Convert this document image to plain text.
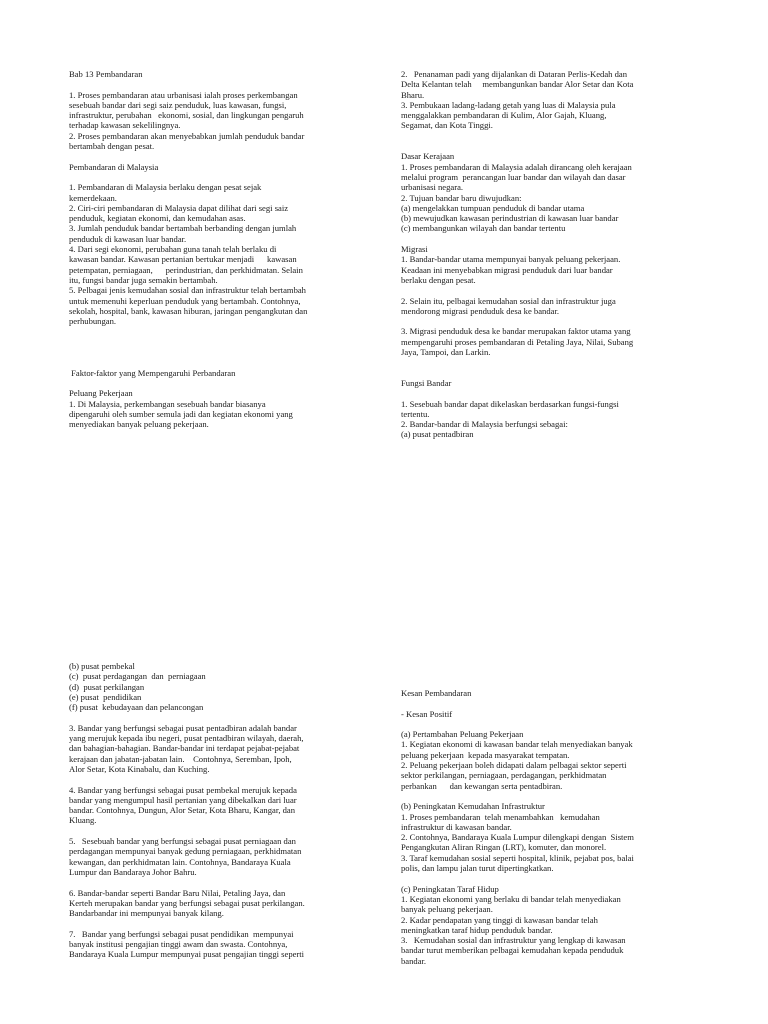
Bab 13 Pembandaran

1. Proses pembandaran atau urbanisasi ialah proses perkembangan

sesebuah bandar dari segi saiz penduduk, luas kawasan, fungsi,

infrastruktur, perubahan   ekonomi, sosial, dan lingkungan pengaruh

terhadap kawasan sekelilingnya.

2. Proses pembandaran akan menyebabkan jumlah penduduk bandar

bertambah dengan pesat.

Pembandaran di Malaysia

1. Pembandaran di Malaysia berlaku dengan pesat sejak

kemerdekaan.

2. Ciri-ciri pembandaran di Malaysia dapat dilihat dari segi saiz

penduduk, kegiatan ekonomi, dan kemudahan asas.

3. Jumlah penduduk bandar bertambah berbanding dengan jumlah

penduduk di kawasan luar bandar.

4. Dari segi ekonomi, perubahan guna tanah telah berlaku di

kawasan bandar. Kawasan pertanian bertukar menjadi      kawasan

petempatan, perniagaan,      perindustrian, dan perkhidmatan. Selain

itu, fungsi bandar juga semakin bertambah.

5. Pelbagai jenis kemudahan sosial dan infrastruktur telah bertambah

untuk memenuhi keperluan penduduk yang bertambah. Contohnya,

sekolah, hospital, bank, kawasan hiburan, jaringan pengangkutan dan

perhubungan.

Faktor-faktor yang Mempengaruhi Perbandaran

Peluang Pekerjaan

1. Di Malaysia, perkembangan sesebuah bandar biasanya

dipengaruhi oleh sumber semula jadi dan kegiatan ekonomi yang

menyediakan banyak peluang pekerjaan.

2.   Penanaman padi yang dijalankan di Dataran Perlis-Kedah dan

Delta Kelantan telah     membangunkan bandar Alor Setar dan Kota

Bharu.

3. Pembukaan ladang-ladang getah yang luas di Malaysia pula

menggalakkan pembandaran di Kulim, Alor Gajah, Kluang,

Segamat, dan Kota Tinggi.

Dasar Kerajaan

1. Proses pembandaran di Malaysia adalah dirancang oleh kerajaan

melalui program  perancangan luar bandar dan wilayah dan dasar

urbanisasi negara.

2. Tujuan bandar baru diwujudkan:

(a) mengelakkan tumpuan penduduk di bandar utama

(b) mewujudkan kawasan perindustrian di kawasan luar bandar

(c) membangunkan wilayah dan bandar tertentu

Migrasi

1. Bandar-bandar utama mempunyai banyak peluang pekerjaan.

Keadaan ini menyebabkan migrasi penduduk dari luar bandar

berlaku dengan pesat.

2. Selain itu, pelbagai kemudahan sosial dan infrastruktur juga

mendorong migrasi penduduk desa ke bandar.

3. Migrasi penduduk desa ke bandar merupakan faktor utama yang

mempengaruhi proses pembandaran di Petaling Jaya, Nilai, Subang

Jaya, Tampoi, dan Larkin.

Fungsi Bandar

1. Sesebuah bandar dapat dikelaskan berdasarkan fungsi-fungsi

tertentu.

2. Bandar-bandar di Malaysia berfungsi sebagai:

(a) pusat pentadbiran

(b) pusat pembekal

(c)  pusat perdagangan  dan  perniagaan

(d)  pusat perkilangan

(e) pusat  pendidikan

(f) pusat  kebudayaan dan pelancongan

3. Bandar yang berfungsi sebagai pusat pentadbiran adalah bandar

yang merujuk kepada ibu negeri, pusat pentadbiran wilayah, daerah,

dan bahagian-bahagian. Bandar-bandar ini terdapat pejabat-pejabat

kerajaan dan jabatan-jabatan lain.    Contohnya, Seremban, Ipoh,

Alor Setar, Kota Kinabalu, dan Kuching.

4. Bandar yang berfungsi sebagai pusat pembekal merujuk kepada

bandar yang mengumpul hasil pertanian yang dibekalkan dari luar

bandar. Contohnya, Dungun, Alor Setar, Kota Bharu, Kangar, dan

Kluang.

5.   Sesebuah bandar yang berfungsi sebagai pusat perniagaan dan

perdagangan mempunyai banyak gedung perniagaan, perkhidmatan

kewangan, dan perkhidmatan lain. Contohnya, Bandaraya Kuala

Lumpur dan Bandaraya Johor Bahru.

6. Bandar-bandar seperti Bandar Baru Nilai, Petaling Jaya, dan

Kerteh merupakan bandar yang berfungsi sebagai pusat perkilangan.

Bandarbandar ini mempunyai banyak kilang.

7.   Bandar yang berfungsi sebagai pusat pendidikan  mempunyai

banyak institusi pengajian tinggi awam dan swasta. Contohnya,

Bandaraya Kuala Lumpur mempunyai pusat pengajian tinggi seperti

Kesan Pembandaran

- Kesan Positif

(a) Pertambahan Peluang Pekerjaan

1. Kegiatan ekonomi di kawasan bandar telah menyediakan banyak

peluang pekerjaan  kepada masyarakat tempatan.

2. Peluang pekerjaan boleh didapati dalam pelbagai sektor seperti

sektor perkilangan, perniagaan, perdagangan, perkhidmatan

perbankan      dan kewangan serta pentadbiran.

(b) Peningkatan Kemudahan Infrastruktur

1. Proses pembandaran  telah menambahkan   kemudahan

infrastruktur di kawasan bandar.

2. Contohnya, Bandaraya Kuala Lumpur dilengkapi dengan  Sistem

Pengangkutan Aliran Ringan (LRT), komuter, dan monorel.

3. Taraf kemudahan sosial seperti hospital, klinik, pejabat pos, balai

polis, dan lampu jalan turut dipertingkatkan.

(c) Peningkatan Taraf Hidup

1. Kegiatan ekonomi yang berlaku di bandar telah menyediakan

banyak peluang pekerjaan.

2. Kadar pendapatan yang tinggi di kawasan bandar telah

meningkatkan taraf hidup penduduk bandar.

3.   Kemudahan sosial dan infrastruktur yang lengkap di kawasan

bandar turut memberikan pelbagai kemudahan kepada penduduk

bandar.
